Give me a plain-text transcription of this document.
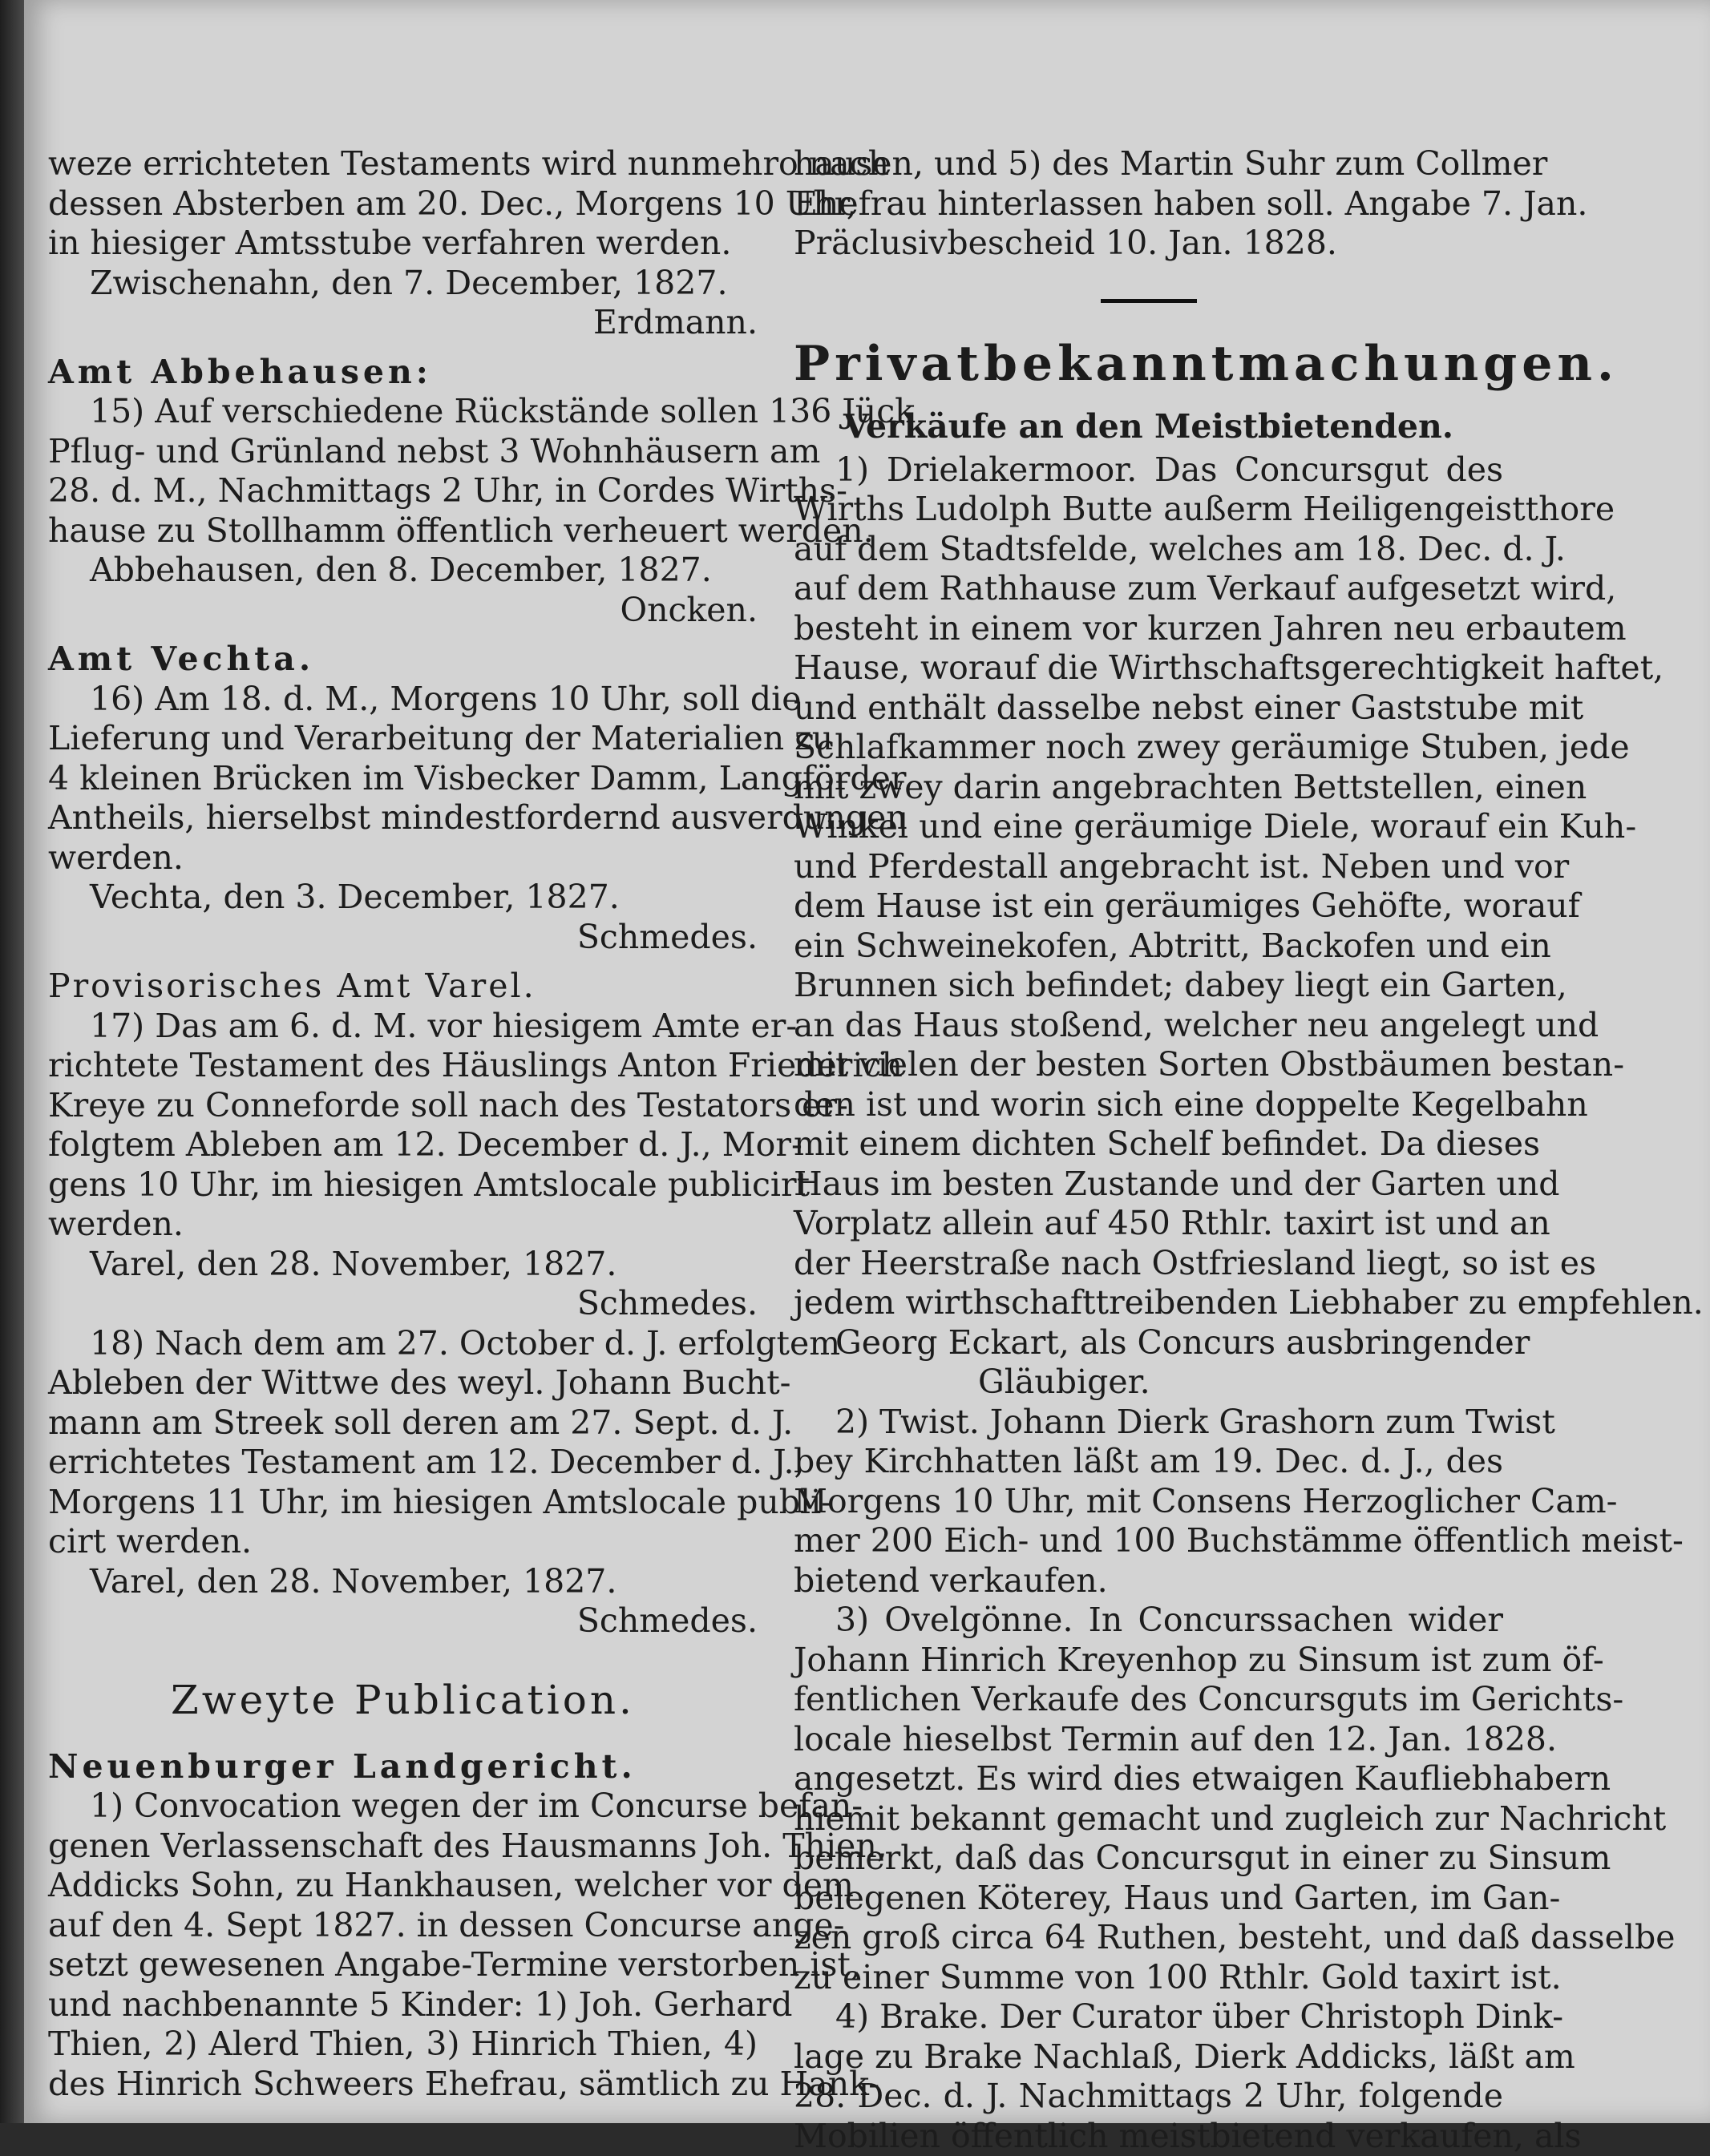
weze errichteten Testaments wird nunmehro nach
dessen Absterben am 20. Dec., Morgens 10 Uhr,
in hiesiger Amtsstube verfahren werden.
Zwischenahn, den 7. December, 1827.
Erdmann.
Amt Abbehausen:
15) Auf verschiedene Rückstände sollen 136 Jück
Pflug- und Grünland nebst 3 Wohnhäusern am
28. d. M., Nachmittags 2 Uhr, in Cordes Wirths-
hause zu Stollhamm öffentlich verheuert werden.
Abbehausen, den 8. December, 1827.
Oncken.
Amt Vechta.
16) Am 18. d. M., Morgens 10 Uhr, soll die
Lieferung und Verarbeitung der Materialien zu
4 kleinen Brücken im Visbecker Damm, Langförder
Antheils, hierselbst mindestfordernd ausverdungen
werden.
Vechta, den 3. December, 1827.
Schmedes.
Provisorisches Amt Varel.
17) Das am 6. d. M. vor hiesigem Amte er-
richtete Testament des Häuslings Anton Friederich
Kreye zu Conneforde soll nach des Testators er-
folgtem Ableben am 12. December d. J., Mor-
gens 10 Uhr, im hiesigen Amtslocale publicirt
werden.
Varel, den 28. November, 1827.
Schmedes.
18) Nach dem am 27. October d. J. erfolgtem
Ableben der Wittwe des weyl. Johann Bucht-
mann am Streek soll deren am 27. Sept. d. J.
errichtetes Testament am 12. December d. J.,
Morgens 11 Uhr, im hiesigen Amtslocale publi-
cirt werden.
Varel, den 28. November, 1827.
Schmedes.
Zweyte Publication.
Neuenburger Landgericht.
1) Convocation wegen der im Concurse befan-
genen Verlassenschaft des Hausmanns Joh. Thien,
Addicks Sohn, zu Hankhausen, welcher vor dem
auf den 4. Sept 1827. in dessen Concurse ange-
setzt gewesenen Angabe-Termine verstorben ist,
und nachbenannte 5 Kinder: 1) Joh. Gerhard
Thien, 2) Alerd Thien, 3) Hinrich Thien, 4)
des Hinrich Schweers Ehefrau, sämtlich zu Hank-
hausen, und 5) des Martin Suhr zum Collmer
Ehefrau hinterlassen haben soll. Angabe 7. Jan.
Präclusivbescheid 10. Jan. 1828.
Privatbekanntmachungen.
Verkäufe an den Meistbietenden.
1) Drielakermoor. Das Concursgut des
Wirths Ludolph Butte außerm Heiligengeistthore
auf dem Stadtsfelde, welches am 18. Dec. d. J.
auf dem Rathhause zum Verkauf aufgesetzt wird,
besteht in einem vor kurzen Jahren neu erbautem
Hause, worauf die Wirthschaftsgerechtigkeit haftet,
und enthält dasselbe nebst einer Gaststube mit
Schlafkammer noch zwey geräumige Stuben, jede
mit zwey darin angebrachten Bettstellen, einen
Winkel und eine geräumige Diele, worauf ein Kuh-
und Pferdestall angebracht ist. Neben und vor
dem Hause ist ein geräumiges Gehöfte, worauf
ein Schweinekofen, Abtritt, Backofen und ein
Brunnen sich befindet; dabey liegt ein Garten,
an das Haus stoßend, welcher neu angelegt und
mit vielen der besten Sorten Obstbäumen bestan-
den ist und worin sich eine doppelte Kegelbahn
mit einem dichten Schelf befindet. Da dieses
Haus im besten Zustande und der Garten und
Vorplatz allein auf 450 Rthlr. taxirt ist und an
der Heerstraße nach Ostfriesland liegt, so ist es
jedem wirthschafttreibenden Liebhaber zu empfehlen.
Georg Eckart, als Concurs ausbringender
Gläubiger.
2) Twist. Johann Dierk Grashorn zum Twist
bey Kirchhatten läßt am 19. Dec. d. J., des
Morgens 10 Uhr, mit Consens Herzoglicher Cam-
mer 200 Eich- und 100 Buchstämme öffentlich meist-
bietend verkaufen.
3) Ovelgönne. In Concurssachen wider
Johann Hinrich Kreyenhop zu Sinsum ist zum öf-
fentlichen Verkaufe des Concursguts im Gerichts-
locale hieselbst Termin auf den 12. Jan. 1828.
angesetzt. Es wird dies etwaigen Kaufliebhabern
hiemit bekannt gemacht und zugleich zur Nachricht
bemerkt, daß das Concursgut in einer zu Sinsum
belegenen Köterey, Haus und Garten, im Gan-
zen groß circa 64 Ruthen, besteht, und daß dasselbe
zu einer Summe von 100 Rthlr. Gold taxirt ist.
4) Brake. Der Curator über Christoph Dink-
lage zu Brake Nachlaß, Dierk Addicks, läßt am
28. Dec. d. J. Nachmittags 2 Uhr, folgende
Mobilien öffentlich meistbietend verkaufen, als
